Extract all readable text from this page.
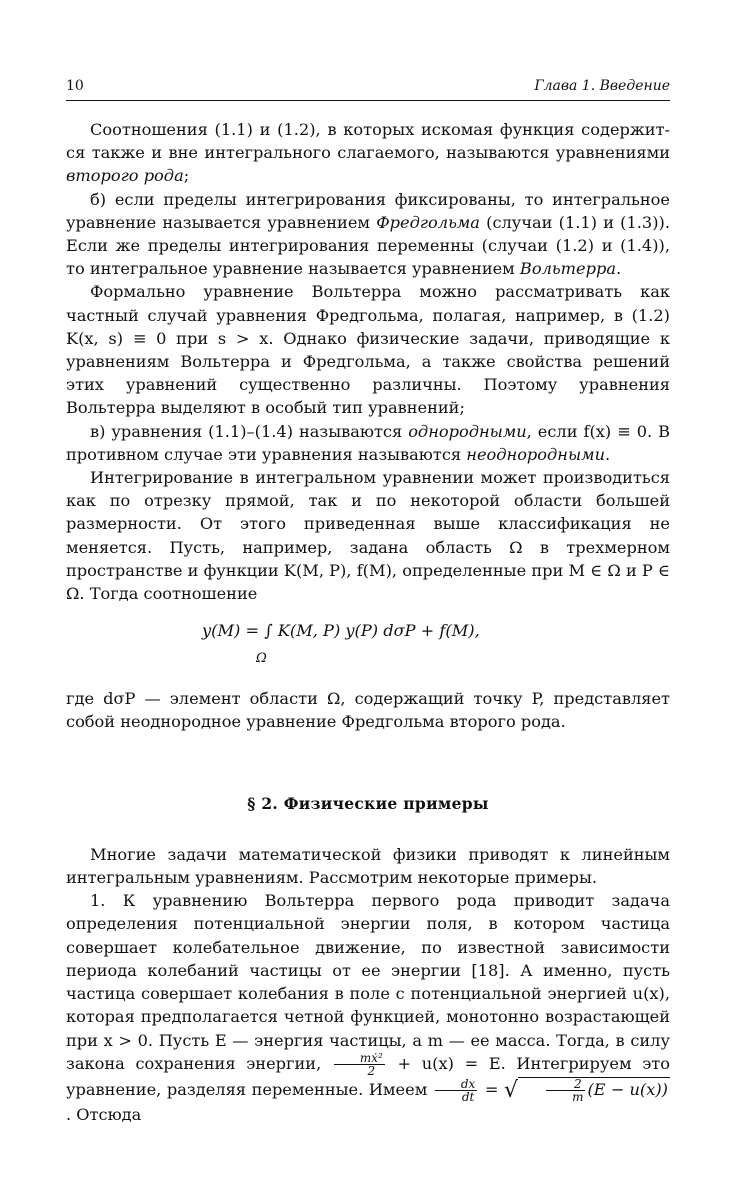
10	Глава 1. Введение

Соотношения (1.1) и (1.2), в которых искомая функция содержит-ся также и вне интегрального слагаемого, называются уравнениями второго рода;

б) если пределы интегрирования фиксированы, то интегральное уравнение называется уравнением Фредгольма (случаи (1.1) и (1.3)). Если же пределы интегрирования переменны (случаи (1.2) и (1.4)), то интегральное уравнение называется уравнением Вольтерра.

Формально уравнение Вольтерра можно рассматривать как частный случай уравнения Фредгольма, полагая, например, в (1.2) K(x, s) ≡ 0 при s > x. Однако физические задачи, приводящие к уравнениям Вольтерра и Фредгольма, а также свойства решений этих уравнений существенно различны. Поэтому уравнения Вольтерра выделяют в особый тип уравнений;

в) уравнения (1.1)–(1.4) называются однородными, если f(x) ≡ 0. В противном случае эти уравнения называются неоднородными.

Интегрирование в интегральном уравнении может производиться как по отрезку прямой, так и по некоторой области большей размерности. От этого приведенная выше классификация не меняется. Пусть, например, задана область Ω в трехмерном пространстве и функции K(M, P), f(M), определенные при M ∈ Ω и P ∈ Ω. Тогда соотношение

y(M) = ∫ K(M, P) y(P) dσP + f(M),
Ω

где dσP — элемент области Ω, содержащий точку P, представляет собой неоднородное уравнение Фредгольма второго рода.

§ 2. Физические примеры

Многие задачи математической физики приводят к линейным интегральным уравнениям. Рассмотрим некоторые примеры.

1. К уравнению Вольтерра первого рода приводит задача определения потенциальной энергии поля, в котором частица совершает колебательное движение, по известной зависимости периода колебаний частицы от ее энергии [18]. А именно, пусть частица совершает колебания в поле с потенциальной энергией u(x), которая предполагается четной функцией, монотонно возрастающей при x > 0. Пусть E — энергия частицы, а m — ее масса. Тогда, в силу закона сохранения энергии, $\frac{\text{mẋ²}}{2} + u(x) = E$. Интегрируем это уравнение, разделяя переменные. Имеем $\frac{dx}{dt}$ = √ $\frac{2}{m} (E - u(x))$. Отсюда
